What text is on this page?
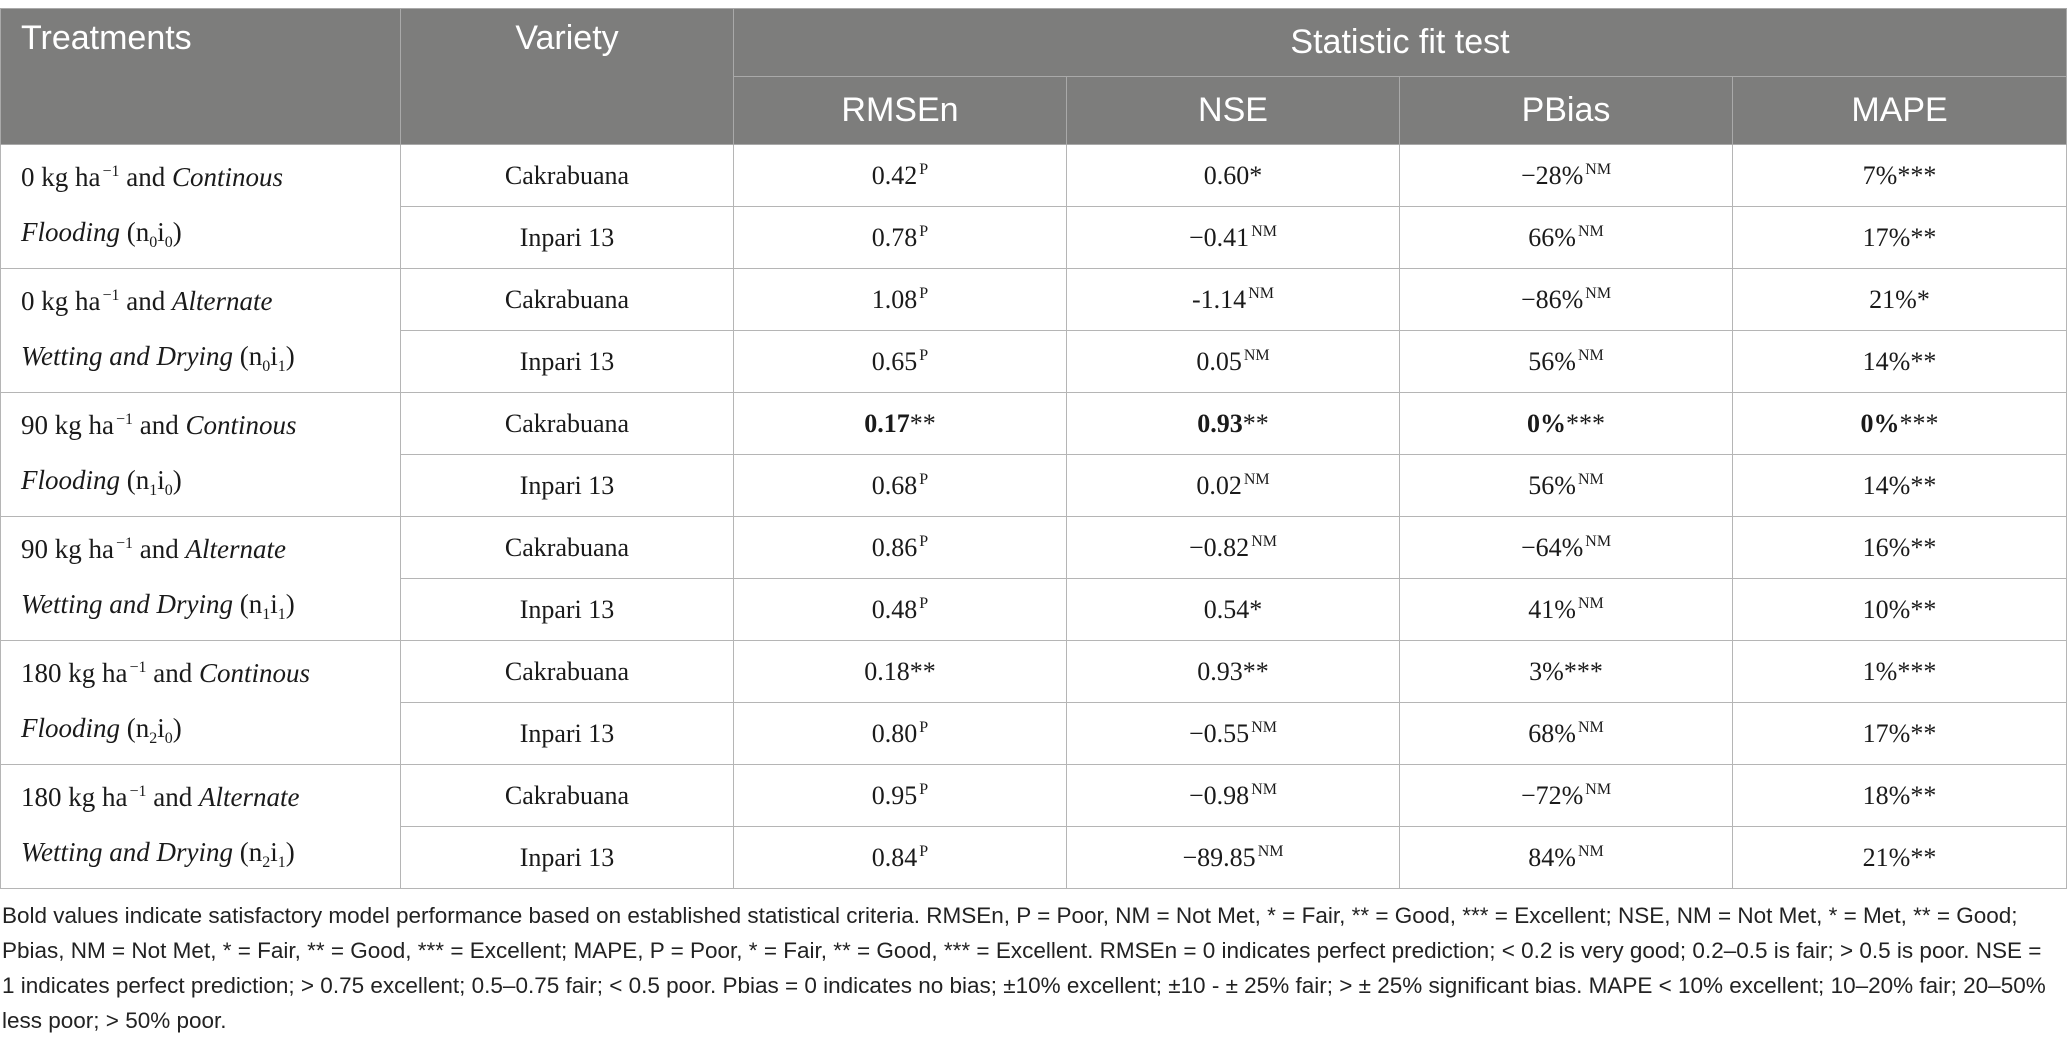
Treatments	Variety	Statistic fit test			
		RMSEn	NSE	PBias	MAPE

0 kg ha $^{-1}$ and Continous
Flooding $(n_0i_0)$	Cakrabuana	0.42 $^P$	0.60*	−28% $^{NM}$	7%***
	Inpari 13	0.78 $^P$	−0.41 $^{NM}$	66% $^{NM}$	17%**

0 kg ha $^{-1}$ and Alternate
Wetting and Drying $(n_0i_1)$	Cakrabuana	1.08 $^P$	-1.14 $^{NM}$	−86% $^{NM}$	21%*
	Inpari 13	0.65 $^P$	0.05 $^{NM}$	56% $^{NM}$	14%**

90 kg ha $^{-1}$ and Continous
Flooding $(n_1i_0)$	Cakrabuana	0.17**	0.93**	0%***	0%***
	Inpari 13	0.68 $^P$	0.02 $^{NM}$	56% $^{NM}$	14%**

90 kg ha $^{-1}$ and Alternate
Wetting and Drying $(n_1i_1)$	Cakrabuana	0.86 $^P$	−0.82 $^{NM}$	−64% $^{NM}$	16%**
	Inpari 13	0.48 $^P$	0.54*	41% $^{NM}$	10%**

180 kg ha $^{-1}$ and Continous
Flooding $(n_2i_0)$	Cakrabuana	0.18**	0.93**	3%***	1%***
	Inpari 13	0.80 $^P$	−0.55 $^{NM}$	68% $^{NM}$	17%**

180 kg ha $^{-1}$ and Alternate
Wetting and Drying $(n_2i_1)$	Cakrabuana	0.95 $^P$	−0.98 $^{NM}$	−72% $^{NM}$	18%**
	Inpari 13	0.84 $^P$	−89.85 $^{NM}$	84% $^{NM}$	21%**
Bold values indicate satisfactory model performance based on established statistical criteria. RMSEn, P = Poor, NM = Not Met, * = Fair, ** = Good, *** = Excellent; NSE, NM = Not Met, * = Met, ** = Good; Pbias, NM = Not Met, * = Fair, ** = Good, *** = Excellent; MAPE, P = Poor, * = Fair, ** = Good, *** = Excellent. RMSEn = 0 indicates perfect prediction; < 0.2 is very good; 0.2–0.5 is fair; > 0.5 is poor. NSE = 1 indicates perfect prediction; > 0.75 excellent; 0.5–0.75 fair; < 0.5 poor. Pbias = 0 indicates no bias; ±10% excellent; ±10 - ± 25% fair; > ± 25% significant bias. MAPE < 10% excellent; 10–20% fair; 20–50% less poor; > 50% poor.
